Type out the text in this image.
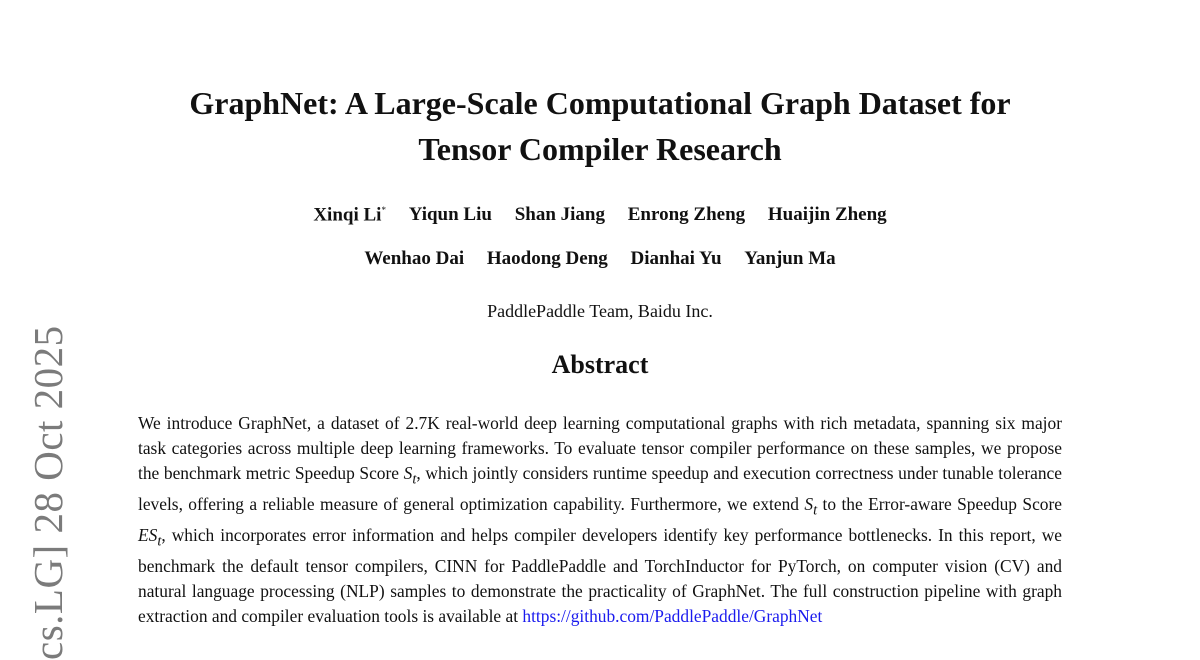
cs.LG] 28 Oct 2025
GraphNet: A Large-Scale Computational Graph Dataset for
Tensor Compiler Research
Xinqi Li* Yiqun Liu Shan Jiang Enrong Zheng Huaijin Zheng
Wenhao Dai Haodong Deng Dianhai Yu Yanjun Ma
PaddlePaddle Team, Baidu Inc.
Abstract

We introduce GraphNet, a dataset of 2.7K real-world deep learning computational graphs with rich metadata, spanning six major task categories across multiple deep learning frameworks. To evaluate tensor compiler performance on these samples, we propose the benchmark metric Speedup Score $S_t$, which jointly considers runtime speedup and execution correctness under tunable tolerance levels, offering a reliable measure of general optimization capability. Furthermore, we extend $S_t$ to the Error-aware Speedup Score $ES_t$, which incorporates error information and helps compiler developers identify key performance bottlenecks. In this report, we benchmark the default tensor compilers, CINN for PaddlePaddle and TorchInductor for PyTorch, on computer vision (CV) and natural language processing (NLP) samples to demonstrate the practicality of GraphNet. The full construction pipeline with graph extraction and compiler evaluation tools is available at https://github.com/PaddlePaddle/GraphNet
